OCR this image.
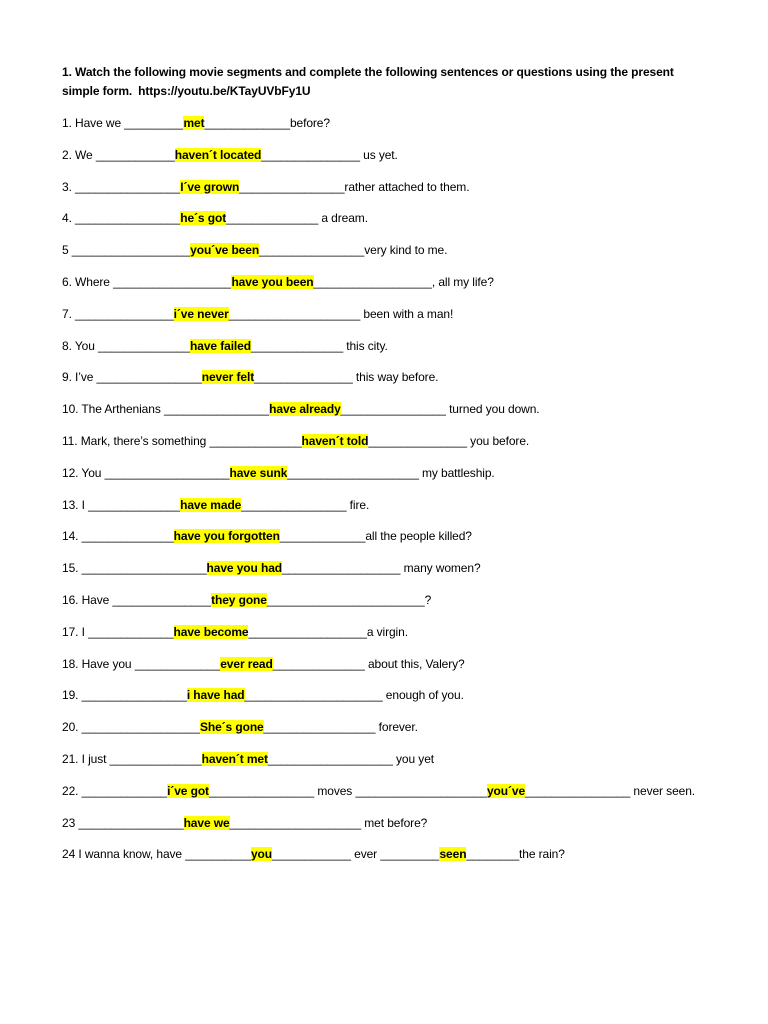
1. Watch the following movie segments and complete the following sentences or questions using the present simple form. https://youtu.be/KTayUVbFy1U
1. Have we _________met_____________before?
2. We ____________haven´t located_______________ us yet.
3. ________________I´ve grown________________rather attached to them.
4. ________________he´s got______________ a dream.
5 __________________you´ve been________________very kind to me.
6. Where __________________have you been__________________, all my life?
7. _______________i´ve never____________________ been with a man!
8. You ______________have failed______________ this city.
9. I’ve ________________never felt_______________ this way before.
10. The Arthenians ________________have already________________ turned you down.
11. Mark, there’s something ______________haven´t told_______________ you before.
12. You ___________________have sunk____________________ my battleship.
13. I ______________have made________________ fire.
14. ______________have you forgotten_____________all the people killed?
15. ___________________have you had__________________ many women?
16. Have _______________they gone________________________?
17. I _____________have become__________________a virgin.
18. Have you _____________ever read______________ about this, Valery?
19. ________________i have had_____________________ enough of you.
20. __________________She´s gone_________________ forever.
21. I just ______________haven´t met___________________ you yet
22. _____________i´ve got________________ moves ____________________you´ve________________ never seen.
23 ________________have we____________________ met before?
24 I wanna know, have __________you____________ ever _________seen________the rain?
